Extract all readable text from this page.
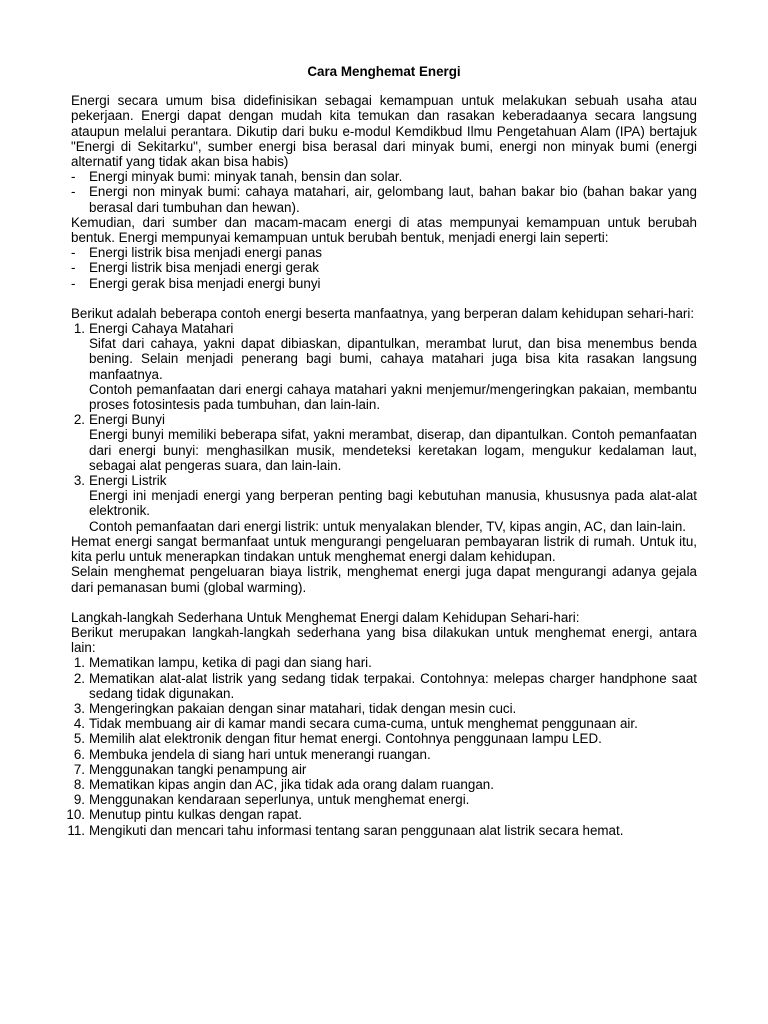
Cara Menghemat Energi

Energi secara umum bisa didefinisikan sebagai kemampuan untuk melakukan sebuah usaha atau pekerjaan. Energi dapat dengan mudah kita temukan dan rasakan keberadaanya secara langsung ataupun melalui perantara. Dikutip dari buku e-modul Kemdikbud Ilmu Pengetahuan Alam (IPA) bertajuk "Energi di Sekitarku", sumber energi bisa berasal dari minyak bumi, energi non minyak bumi (energi alternatif yang tidak akan bisa habis)

- Energi minyak bumi: minyak tanah, bensin dan solar.
- Energi non minyak bumi: cahaya matahari, air, gelombang laut, bahan bakar bio (bahan bakar yang berasal dari tumbuhan dan hewan).

Kemudian, dari sumber dan macam-macam energi di atas mempunyai kemampuan untuk berubah bentuk. Energi mempunyai kemampuan untuk berubah bentuk, menjadi energi lain seperti:

- Energi listrik bisa menjadi energi panas
- Energi listrik bisa menjadi energi gerak
- Energi gerak bisa menjadi energi bunyi

Berikut adalah beberapa contoh energi beserta manfaatnya, yang berperan dalam kehidupan sehari-hari:

1. Energi Cahaya Matahari

Sifat dari cahaya, yakni dapat dibiaskan, dipantulkan, merambat lurut, dan bisa menembus benda bening. Selain menjadi penerang bagi bumi, cahaya matahari juga bisa kita rasakan langsung manfaatnya.

Contoh pemanfaatan dari energi cahaya matahari yakni menjemur/mengeringkan pakaian, membantu proses fotosintesis pada tumbuhan, dan lain-lain.

2. Energi Bunyi

Energi bunyi memiliki beberapa sifat, yakni merambat, diserap, dan dipantulkan. Contoh pemanfaatan dari energi bunyi: menghasilkan musik, mendeteksi keretakan logam, mengukur kedalaman laut, sebagai alat pengeras suara, dan lain-lain.

3. Energi Listrik

Energi ini menjadi energi yang berperan penting bagi kebutuhan manusia, khususnya pada alat-alat elektronik.

Contoh pemanfaatan dari energi listrik: untuk menyalakan blender, TV, kipas angin, AC, dan lain-lain.

Hemat energi sangat bermanfaat untuk mengurangi pengeluaran pembayaran listrik di rumah. Untuk itu, kita perlu untuk menerapkan tindakan untuk menghemat energi dalam kehidupan.

Selain menghemat pengeluaran biaya listrik, menghemat energi juga dapat mengurangi adanya gejala dari pemanasan bumi (global warming).

Langkah-langkah Sederhana Untuk Menghemat Energi dalam Kehidupan Sehari-hari:

Berikut merupakan langkah-langkah sederhana yang bisa dilakukan untuk menghemat energi, antara lain:

1. Mematikan lampu, ketika di pagi dan siang hari.
2. Mematikan alat-alat listrik yang sedang tidak terpakai. Contohnya: melepas charger handphone saat sedang tidak digunakan.
3. Mengeringkan pakaian dengan sinar matahari, tidak dengan mesin cuci.
4. Tidak membuang air di kamar mandi secara cuma-cuma, untuk menghemat penggunaan air.
5. Memilih alat elektronik dengan fitur hemat energi. Contohnya penggunaan lampu LED.
6. Membuka jendela di siang hari untuk menerangi ruangan.
7. Menggunakan tangki penampung air
8. Mematikan kipas angin dan AC, jika tidak ada orang dalam ruangan.
9. Menggunakan kendaraan seperlunya, untuk menghemat energi.
10. Menutup pintu kulkas dengan rapat.
11. Mengikuti dan mencari tahu informasi tentang saran penggunaan alat listrik secara hemat.
